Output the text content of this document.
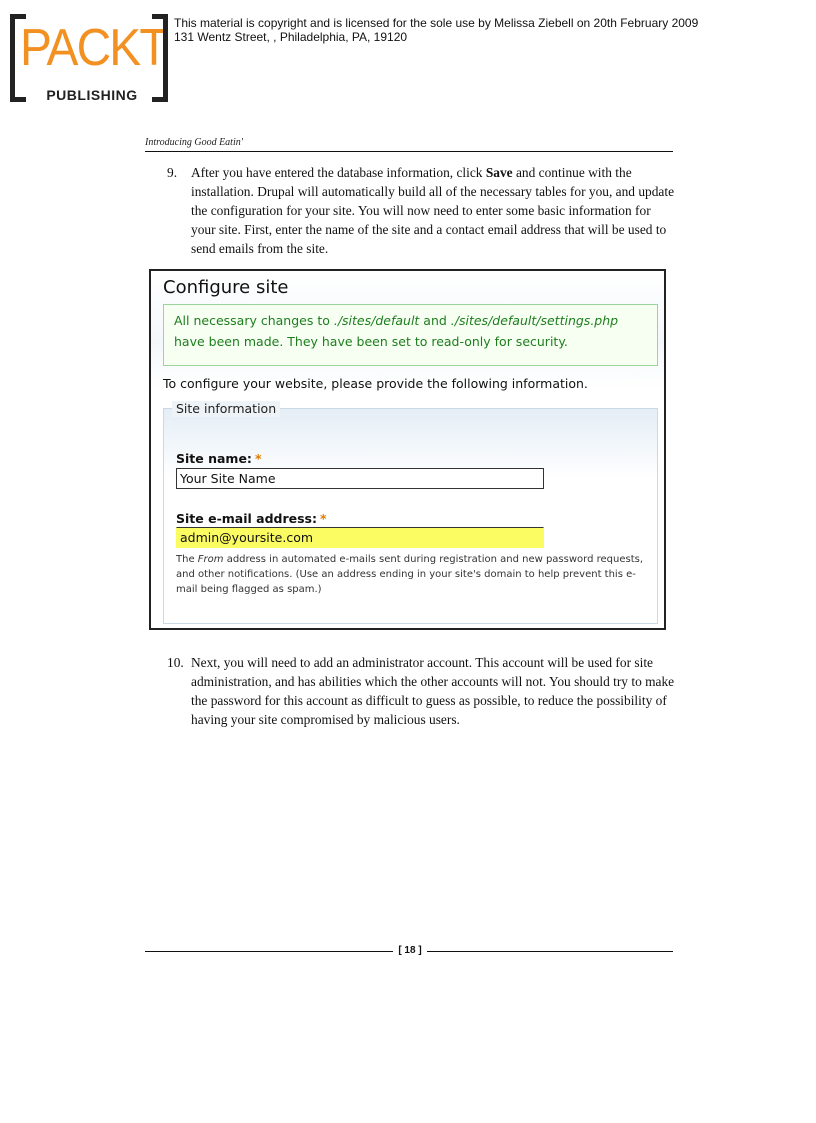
PACKT
PUBLISHING
This material is copyright and is licensed for the sole use by Melissa Ziebell on 20th February 2009
131 Wentz Street, , Philadelphia, PA, 19120
Introducing Good Eatin'
9. After you have entered the database information, click Save and continue with the installation. Drupal will automatically build all of the necessary tables for you, and update the configuration for your site. You will now need to enter some basic information for your site. First, enter the name of the site and a contact email address that will be used to send emails from the site.
Configure site
All necessary changes to ./sites/default and ./sites/default/settings.php have been made. They have been set to read-only for security.
To configure your website, please provide the following information.
Site information
Site name: *
Your Site Name
Site e-mail address: *
admin@yoursite.com
The From address in automated e-mails sent during registration and new password requests, and other notifications. (Use an address ending in your site's domain to help prevent this e-mail being flagged as spam.)
10. Next, you will need to add an administrator account. This account will be used for site administration, and has abilities which the other accounts will not. You should try to make the password for this account as difficult to guess as possible, to reduce the possibility of having your site compromised by malicious users.
[ 18 ]
